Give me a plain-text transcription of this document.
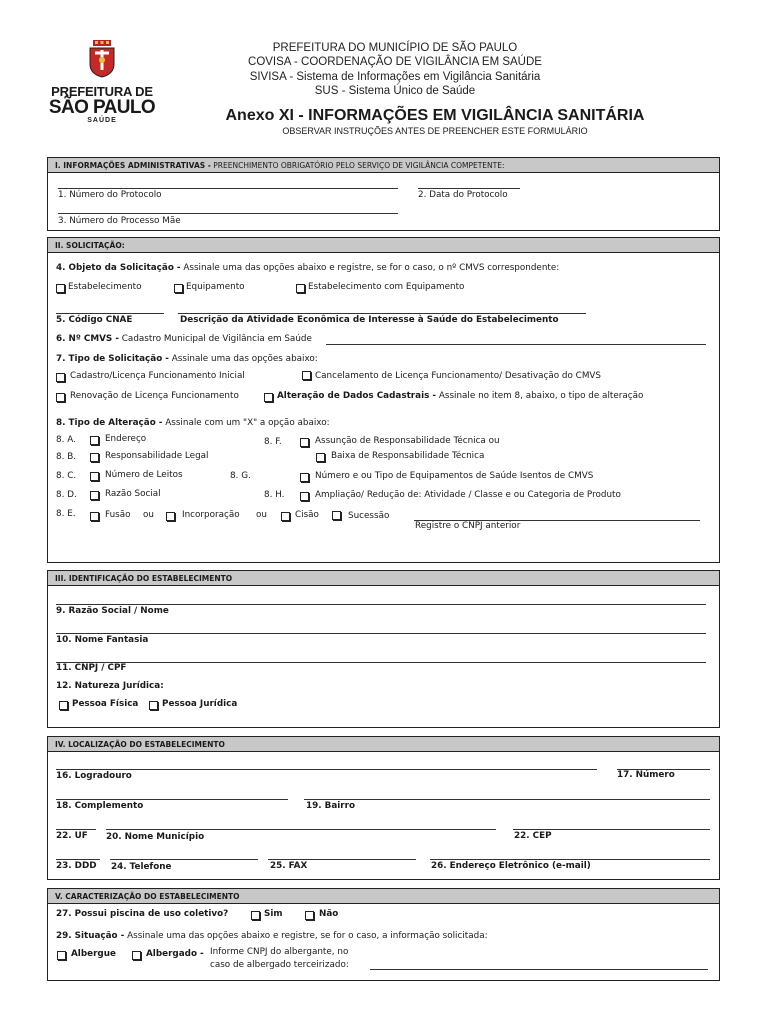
PREFEITURA DE
SÃO PAULO
SAÚDE
PREFEITURA DO MUNICÍPIO DE SÃO PAULO
COVISA - COORDENAÇÃO DE VIGILÂNCIA EM SAÚDE
SIVISA - Sistema de Informações em Vigilância Sanitária
SUS - Sistema Único de Saúde
Anexo XI - INFORMAÇÕES EM VIGILÂNCIA SANITÁRIA
OBSERVAR INSTRUÇÕES ANTES DE PREENCHER ESTE FORMULÁRIO
I. INFORMAÇÕES ADMINISTRATIVAS - PREENCHIMENTO OBRIGATÓRIO PELO SERVIÇO DE VIGILÂNCIA COMPETENTE:
1. Número do Protocolo	2. Data do Protocolo
3. Número do Processo Mãe
II. SOLICITAÇÃO:
4. Objeto da Solicitação - Assinale uma das opções abaixo e registre, se for o caso, o nº CMVS correspondente:
Estabelecimento	Equipamento	Estabelecimento com Equipamento
5. Código CNAE	Descrição da Atividade Econômica de Interesse à Saúde do Estabelecimento
6. Nº CMVS - Cadastro Municipal de Vigilância em Saúde
7. Tipo de Solicitação - Assinale uma das opções abaixo:
Cadastro/Licença Funcionamento Inicial	Cancelamento de Licença Funcionamento/ Desativação do CMVS
Renovação de Licença Funcionamento	Alteração de Dados Cadastrais - Assinale no item 8, abaixo, o tipo de alteração
8. Tipo de Alteração - Assinale com um "X" a opção abaixo:
8. A.	Endereço
8. B.	Responsabilidade Legal
8. C.	Número de Leitos
8. D.	Razão Social
8. E.	Fusão ou	Incorporação ou	Cisão	Sucessão
Registre o CNPJ anterior
8. F.	Assunção de Responsabilidade Técnica ou
Baixa de Responsabilidade Técnica
8. G.	Número e ou Tipo de Equipamentos de Saúde Isentos de CMVS
8. H.	Ampliação/ Redução de: Atividade / Classe e ou Categoria de Produto
III. IDENTIFICAÇÃO DO ESTABELECIMENTO
9. Razão Social / Nome
10. Nome Fantasia
11. CNPJ / CPF
12. Natureza Jurídica:
Pessoa Física	Pessoa Jurídica
IV. LOCALIZAÇÃO DO ESTABELECIMENTO
16. Logradouro	17. Número
18. Complemento	19. Bairro
22. UF 20. Nome Município	22. CEP
23. DDD 24. Telefone	25. FAX	26. Endereço Eletrônico (e-mail)
V. CARACTERIZAÇÃO DO ESTABELECIMENTO
27. Possui piscina de uso coletivo?	Sim	Não
29. Situação - Assinale uma das opções abaixo e registre, se for o caso, a informação solicitada:
Albergue	Albergado - Informe CNPJ do albergante, no
caso de albergado terceirizado:
